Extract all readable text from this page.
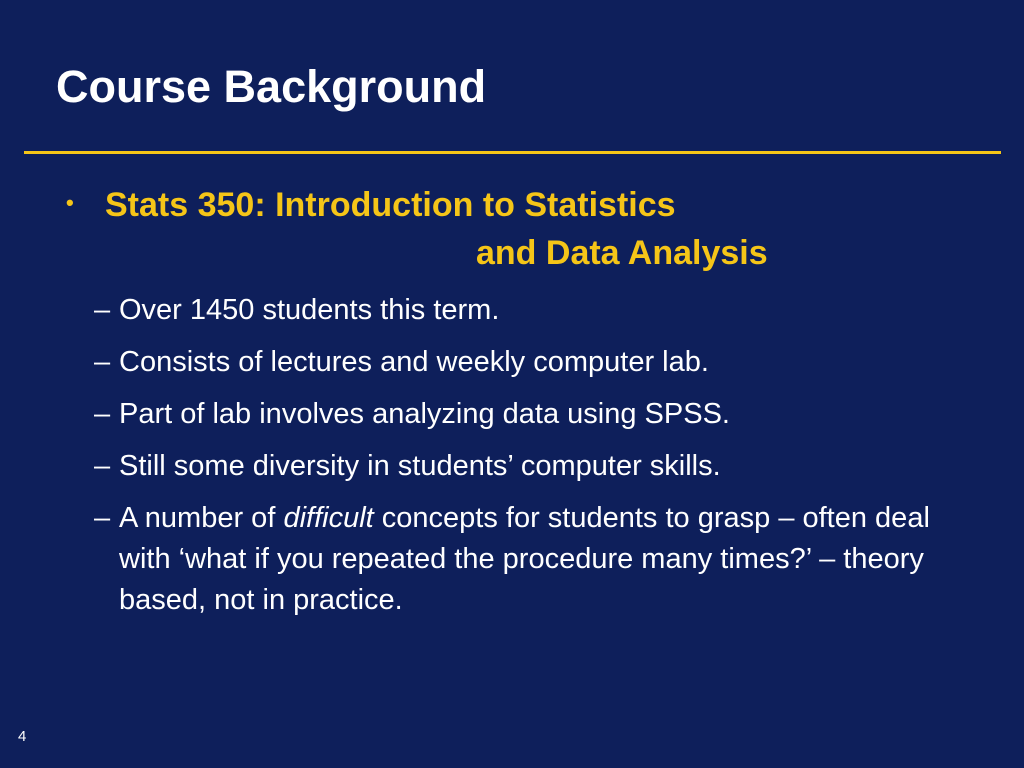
Course Background
• Stats 350: Introduction to Statistics
and Data Analysis
– Over 1450 students this term.
– Consists of lectures and weekly computer lab.
– Part of lab involves analyzing data using SPSS.
– Still some diversity in students’ computer skills.
– A number of difficult concepts for students to grasp – often deal with ‘what if you repeated the procedure many times?’ – theory based, not in practice.
4
